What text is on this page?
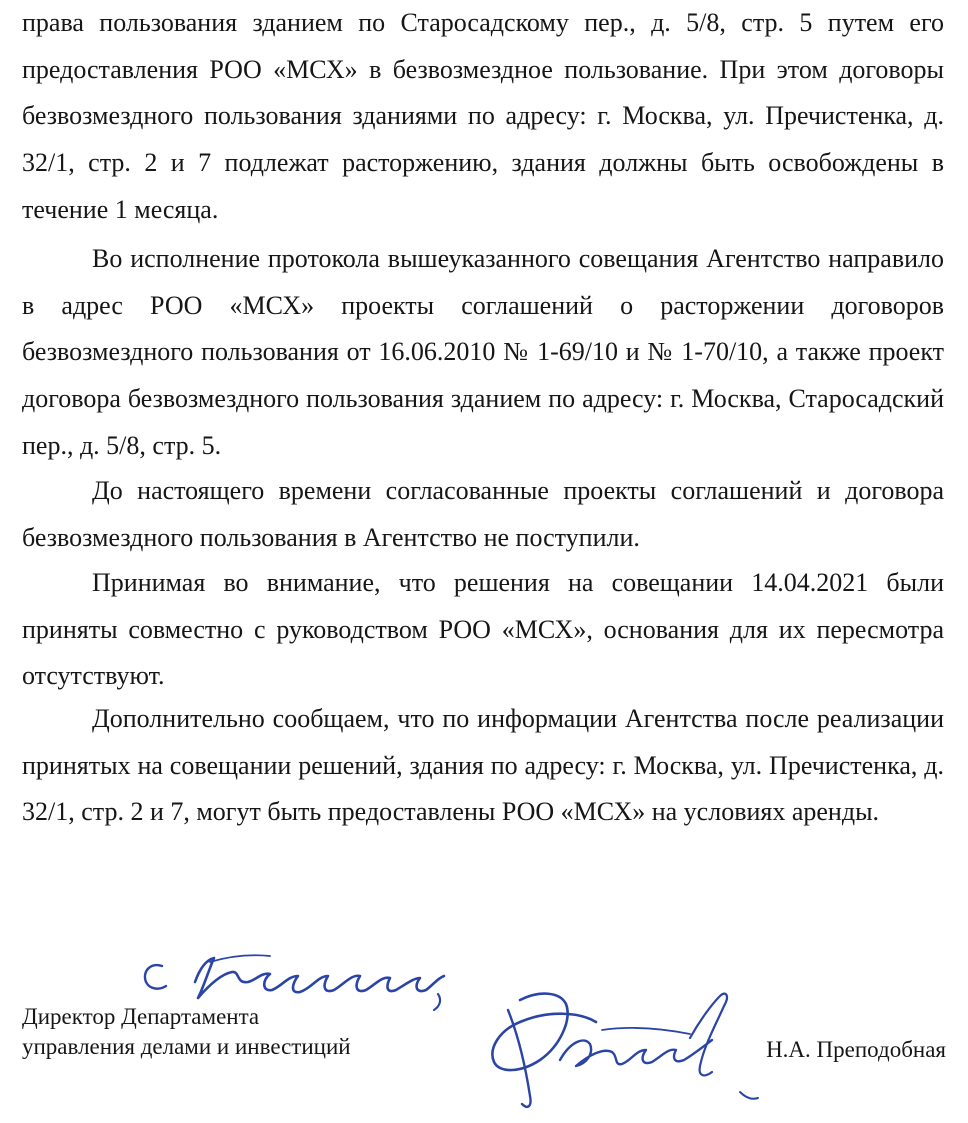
права пользования зданием по Старосадскому пер., д. 5/8, стр. 5 путем его предоставления РОО «МСХ» в безвозмездное пользование. При этом договоры безвозмездного пользования зданиями по адресу: г. Москва, ул. Пречистенка, д. 32/1, стр. 2 и 7 подлежат расторжению, здания должны быть освобождены в течение 1 месяца.

Во исполнение протокола вышеуказанного совещания Агентство направило в адрес РОО «МСХ» проекты соглашений о расторжении договоров безвозмездного пользования от 16.06.2010 № 1-69/10 и № 1-70/10, а также проект договора безвозмездного пользования зданием по адресу: г. Москва, Старосадский пер., д. 5/8, стр. 5.

До настоящего времени согласованные проекты соглашений и договора безвозмездного пользования в Агентство не поступили.

Принимая во внимание, что решения на совещании 14.04.2021 были приняты совместно с руководством РОО «МСХ», основания для их пересмотра отсутствуют.

Дополнительно сообщаем, что по информации Агентства после реализации принятых на совещании решений, здания по адресу: г. Москва, ул. Пречистенка, д. 32/1, стр. 2 и 7, могут быть предоставлены РОО «МСХ» на условиях аренды.

Директор Департамента
управления делами и инвестиций	Н.А. Преподобная
